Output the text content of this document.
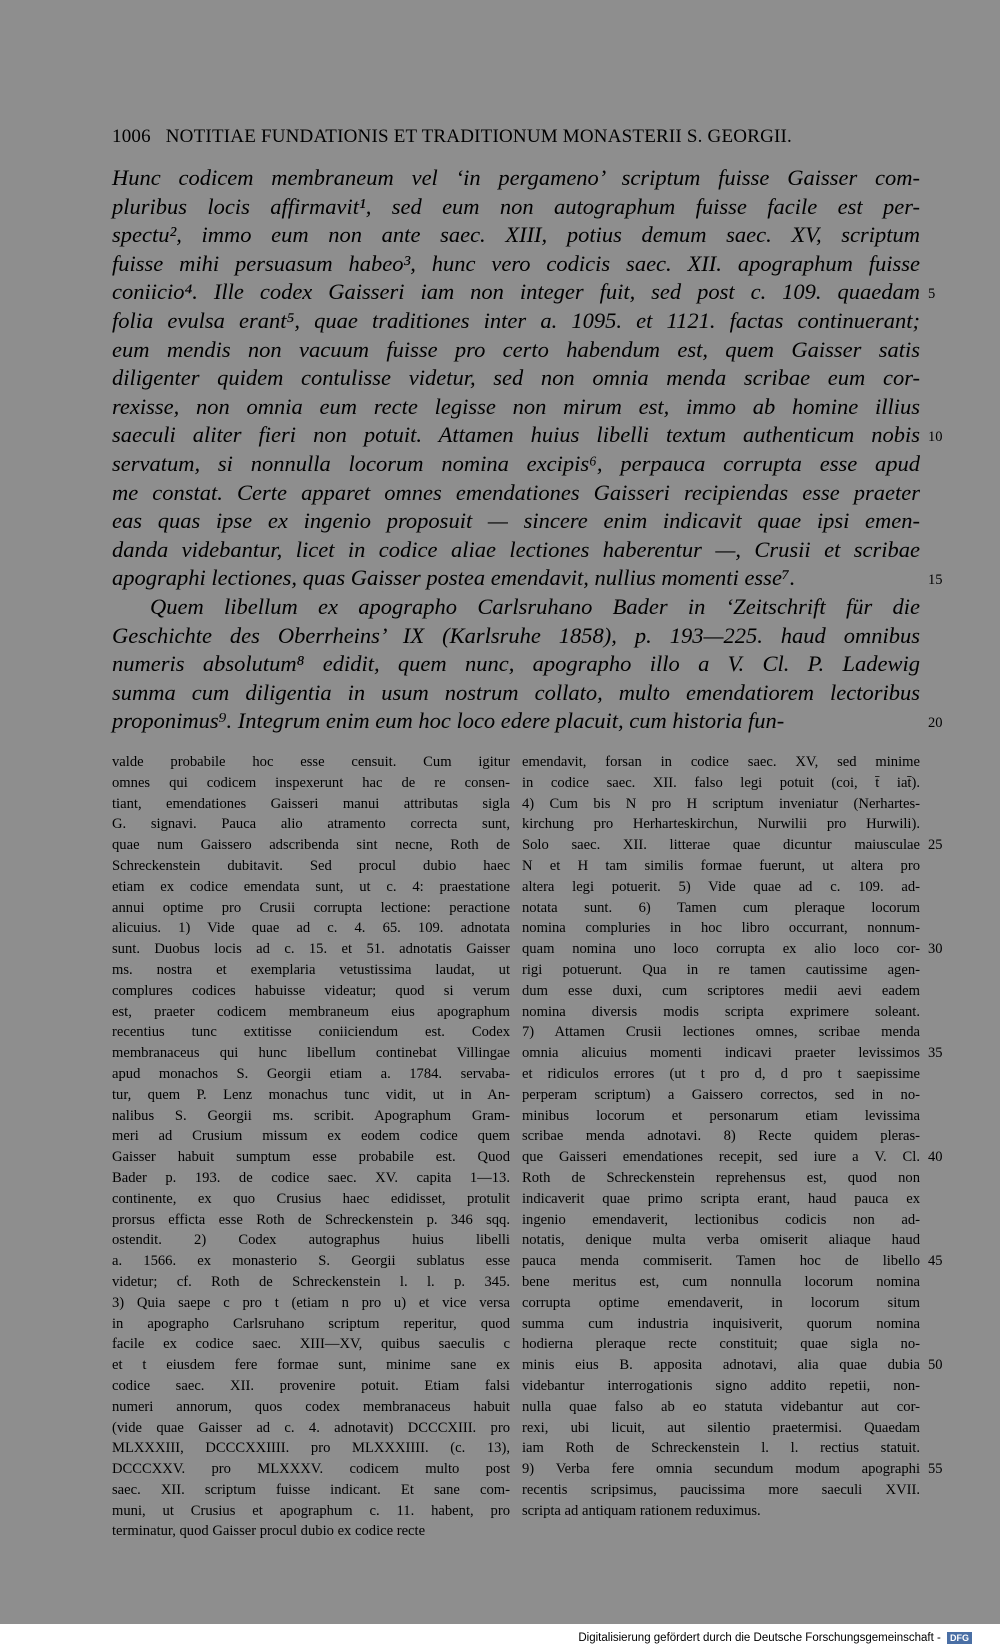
1006 NOTITIAE FUNDATIONIS ET TRADITIONUM MONASTERII S. GEORGII.
Hunc codicem membraneum vel ‘in pergameno’ scriptum fuisse Gaisser com-
pluribus locis affirmavit¹, sed eum non autographum fuisse facile est per-
spectu², immo eum non ante saec. XIII, potius demum saec. XV, scriptum
fuisse mihi persuasum habeo³, hunc vero codicis saec. XII. apographum fuisse
coniicio⁴. Ille codex Gaisseri iam non integer fuit, sed post c. 109. quaedam
folia evulsa erant⁵, quae traditiones inter a. 1095. et 1121. factas continuerant;
eum mendis non vacuum fuisse pro certo habendum est, quem Gaisser satis
diligenter quidem contulisse videtur, sed non omnia menda scribae eum cor-
rexisse, non omnia eum recte legisse non mirum est, immo ab homine illius
saeculi aliter fieri non potuit. Attamen huius libelli textum authenticum nobis
servatum, si nonnulla locorum nomina excipis⁶, perpauca corrupta esse apud
me constat. Certe apparet omnes emendationes Gaisseri recipiendas esse praeter
eas quas ipse ex ingenio proposuit — sincere enim indicavit quae ipsi emen-
danda videbantur, licet in codice aliae lectiones haberentur —, Crusii et scribae
apographi lectiones, quas Gaisser postea emendavit, nullius momenti esse⁷.
Quem libellum ex apographo Carlsruhano Bader in ‘Zeitschrift für die
Geschichte des Oberrheins’ IX (Karlsruhe 1858), p. 193—225. haud omnibus
numeris absolutum⁸ edidit, quem nunc, apographo illo a V. Cl. P. Ladewig
summa cum diligentia in usum nostrum collato, multo emendatiorem lectoribus
proponimus⁹. Integrum enim eum hoc loco edere placuit, cum historia fun-
valde probabile hoc esse censuit. Cum igitur
omnes qui codicem inspexerunt hac de re consen-
tiant, emendationes Gaisseri manui attributas sigla
G. signavi. Pauca alio atramento correcta sunt,
quae num Gaissero adscribenda sint necne, Roth de
Schreckenstein dubitavit. Sed procul dubio haec
etiam ex codice emendata sunt, ut c. 4: praestatione
annui optime pro Crusii corrupta lectione: peractione
alicuius. 1) Vide quae ad c. 4. 65. 109. adnotata
sunt. Duobus locis ad c. 15. et 51. adnotatis Gaisser
ms. nostra et exemplaria vetustissima laudat, ut
complures codices habuisse videatur; quod si verum
est, praeter codicem membraneum eius apographum
recentius tunc extitisse coniiciendum est. Codex
membranaceus qui hunc libellum continebat Villingae
apud monachos S. Georgii etiam a. 1784. servaba-
tur, quem P. Lenz monachus tunc vidit, ut in An-
nalibus S. Georgii ms. scribit. Apographum Gram-
meri ad Crusium missum ex eodem codice quem
Gaisser habuit sumptum esse probabile est. Quod
Bader p. 193. de codice saec. XV. capita 1—13.
continente, ex quo Crusius haec edidisset, protulit
prorsus efficta esse Roth de Schreckenstein p. 346 sqq.
ostendit. 2) Codex autographus huius libelli
a. 1566. ex monasterio S. Georgii sublatus esse
videtur; cf. Roth de Schreckenstein l. l. p. 345.
3) Quia saepe c pro t (etiam n pro u) et vice versa
in apographo Carlsruhano scriptum reperitur, quod
facile ex codice saec. XIII—XV, quibus saeculis c
et t eiusdem fere formae sunt, minime sane ex
codice saec. XII. provenire potuit. Etiam falsi
numeri annorum, quos codex membranaceus habuit
(vide quae Gaisser ad c. 4. adnotavit) DCCCXIII. pro
MLXXXIII, DCCCXXIIII. pro MLXXXIIII. (c. 13),
DCCCXXV. pro MLXXXV. codicem multo post
saec. XII. scriptum fuisse indicant. Et sane com-
muni, ut Crusius et apographum c. 11. habent, pro
terminatur, quod Gaisser procul dubio ex codice recte
emendavit, forsan in codice saec. XV, sed minime
in codice saec. XII. falso legi potuit (coi, t̄ iat̄).
4) Cum bis N pro H scriptum inveniatur (Nerhartes-
kirchung pro Herharteskirchun, Nurwilii pro Hurwili).
Solo saec. XII. litterae quae dicuntur maiusculae
N et H tam similis formae fuerunt, ut altera pro
altera legi potuerit. 5) Vide quae ad c. 109. ad-
notata sunt. 6) Tamen cum pleraque locorum
nomina compluries in hoc libro occurrant, nonnum-
quam nomina uno loco corrupta ex alio loco cor-
rigi potuerunt. Qua in re tamen cautissime agen-
dum esse duxi, cum scriptores medii aevi eadem
nomina diversis modis scripta exprimere soleant.
7) Attamen Crusii lectiones omnes, scribae menda
omnia alicuius momenti indicavi praeter levissimos
et ridiculos errores (ut t pro d, d pro t saepissime
perperam scriptum) a Gaissero correctos, sed in no-
minibus locorum et personarum etiam levissima
scribae menda adnotavi. 8) Recte quidem pleras-
que Gaisseri emendationes recepit, sed iure a V. Cl.
Roth de Schreckenstein reprehensus est, quod non
indicaverit quae primo scripta erant, haud pauca ex
ingenio emendaverit, lectionibus codicis non ad-
notatis, denique multa verba omiserit aliaque haud
pauca menda commiserit. Tamen hoc de libello
bene meritus est, cum nonnulla locorum nomina
corrupta optime emendaverit, in locorum situm
summa cum industria inquisiverit, quorum nomina
hodierna pleraque recte constituit; quae sigla no-
minis eius B. apposita adnotavi, alia quae dubia
videbantur interrogationis signo addito repetii, non-
nulla quae falso ab eo statuta videbantur aut cor-
rexi, ubi licuit, aut silentio praetermisi. Quaedam
iam Roth de Schreckenstein l. l. rectius statuit.
9) Verba fere omnia secundum modum apographi
recentis scripsimus, paucissima more saeculi XVII.
scripta ad antiquam rationem reduximus.
Digitalisierung gefördert durch die Deutsche Forschungsgemeinschaft - DFG
5
10
15
20
25
30
35
40
45
50
55
